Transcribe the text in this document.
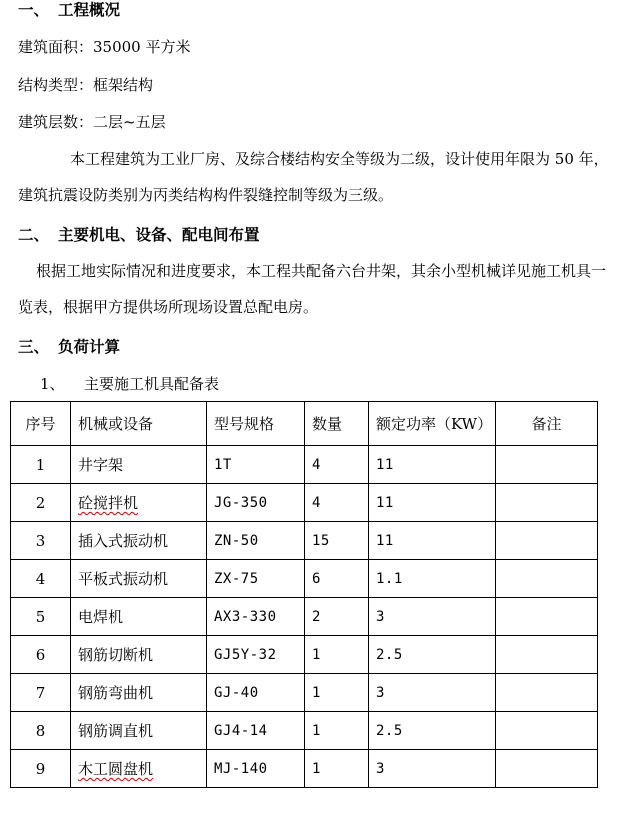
一、 工程概况
建筑面积：35000 平方米
结构类型：框架结构
建筑层数：二层~五层
本工程建筑为工业厂房、及综合楼结构安全等级为二级，设计使用年限为 50 年，建筑抗震设防类别为丙类结构构件裂缝控制等级为三级。
二、 主要机电、设备、配电间布置
根据工地实际情况和进度要求，本工程共配备六台井架，其余小型机械详见施工机具一览表，根据甲方提供场所现场设置总配电房。
三、 负荷计算
1、 主要施工机具配备表
序号	机械或设备	型号规格	数量	额定功率（KW）	备注
1	井字架	1T	4	11	
2	砼搅拌机	JG-350	4	11	
3	插入式振动机	ZN-50	15	11	
4	平板式振动机	ZX-75	6	1.1	
5	电焊机	AX3-330	2	3	
6	钢筋切断机	GJ5Y-32	1	2.5	
7	钢筋弯曲机	GJ-40	1	3	
8	钢筋调直机	GJ4-14	1	2.5	
9	木工圆盘机	MJ-140	1	3	
